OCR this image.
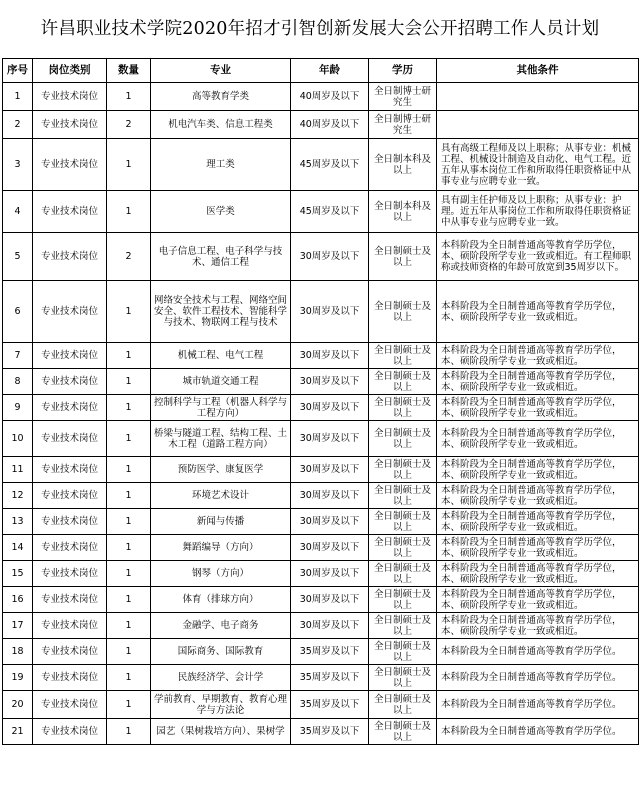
许昌职业技术学院2020年招才引智创新发展大会公开招聘工作人员计划
序号	岗位类别	数量	专业	年龄	学历	其他条件
1	专业技术岗位	1	高等教育学类	40周岁及以下	全日制博士研究生	
2	专业技术岗位	2	机电汽车类、信息工程类	40周岁及以下	全日制博士研究生	
3	专业技术岗位	1	理工类	45周岁及以下	全日制本科及以上	具有高级工程师及以上职称；从事专业：机械工程、机械设计制造及自动化、电气工程。近五年从事本岗位工作和所取得任职资格证中从事专业与应聘专业一致。
4	专业技术岗位	1	医学类	45周岁及以下	全日制本科及以上	具有副主任护师及以上职称；从事专业：护理。近五年从事岗位工作和所取得任职资格证中从事专业与应聘专业一致。
5	专业技术岗位	2	电子信息工程、电子科学与技术、通信工程	30周岁及以下	全日制硕士及以上	本科阶段为全日制普通高等教育学历学位，本、硕阶段所学专业一致或相近。有工程师职称或技师资格的年龄可放宽到35周岁以下。
6	专业技术岗位	1	网络安全技术与工程、网络空间安全、软件工程技术、智能科学与技术、物联网工程与技术	30周岁及以下	全日制硕士及以上	本科阶段为全日制普通高等教育学历学位，本、硕阶段所学专业一致或相近。
7	专业技术岗位	1	机械工程、电气工程	30周岁及以下	全日制硕士及以上	本科阶段为全日制普通高等教育学历学位，本、硕阶段所学专业一致或相近。
8	专业技术岗位	1	城市轨道交通工程	30周岁及以下	全日制硕士及以上	本科阶段为全日制普通高等教育学历学位，本、硕阶段所学专业一致或相近。
9	专业技术岗位	1	控制科学与工程（机器人科学与工程方向）	30周岁及以下	全日制硕士及以上	本科阶段为全日制普通高等教育学历学位，本、硕阶段所学专业一致或相近。
10	专业技术岗位	1	桥梁与隧道工程、结构工程、土木工程（道路工程方向）	30周岁及以下	全日制硕士及以上	本科阶段为全日制普通高等教育学历学位，本、硕阶段所学专业一致或相近。
11	专业技术岗位	1	预防医学、康复医学	30周岁及以下	全日制硕士及以上	本科阶段为全日制普通高等教育学历学位，本、硕阶段所学专业一致或相近。
12	专业技术岗位	1	环境艺术设计	30周岁及以下	全日制硕士及以上	本科阶段为全日制普通高等教育学历学位，本、硕阶段所学专业一致或相近。
13	专业技术岗位	1	新闻与传播	30周岁及以下	全日制硕士及以上	本科阶段为全日制普通高等教育学历学位，本、硕阶段所学专业一致或相近。
14	专业技术岗位	1	舞蹈编导（方向）	30周岁及以下	全日制硕士及以上	本科阶段为全日制普通高等教育学历学位，本、硕阶段所学专业一致或相近。
15	专业技术岗位	1	钢琴（方向）	30周岁及以下	全日制硕士及以上	本科阶段为全日制普通高等教育学历学位，本、硕阶段所学专业一致或相近。
16	专业技术岗位	1	体育（排球方向）	30周岁及以下	全日制硕士及以上	本科阶段为全日制普通高等教育学历学位，本、硕阶段所学专业一致或相近。
17	专业技术岗位	1	金融学、电子商务	30周岁及以下	全日制硕士及以上	本科阶段为全日制普通高等教育学历学位，本、硕阶段所学专业一致或相近。
18	专业技术岗位	1	国际商务、国际教育	35周岁及以下	全日制硕士及以上	本科阶段为全日制普通高等教育学历学位。
19	专业技术岗位	1	民族经济学、会计学	35周岁及以下	全日制硕士及以上	本科阶段为全日制普通高等教育学历学位。
20	专业技术岗位	1	学前教育、早期教育、教育心理学与方法论	35周岁及以下	全日制硕士及以上	本科阶段为全日制普通高等教育学历学位。
21	专业技术岗位	1	园艺（果树栽培方向）、果树学	35周岁及以下	全日制硕士及以上	本科阶段为全日制普通高等教育学历学位。
